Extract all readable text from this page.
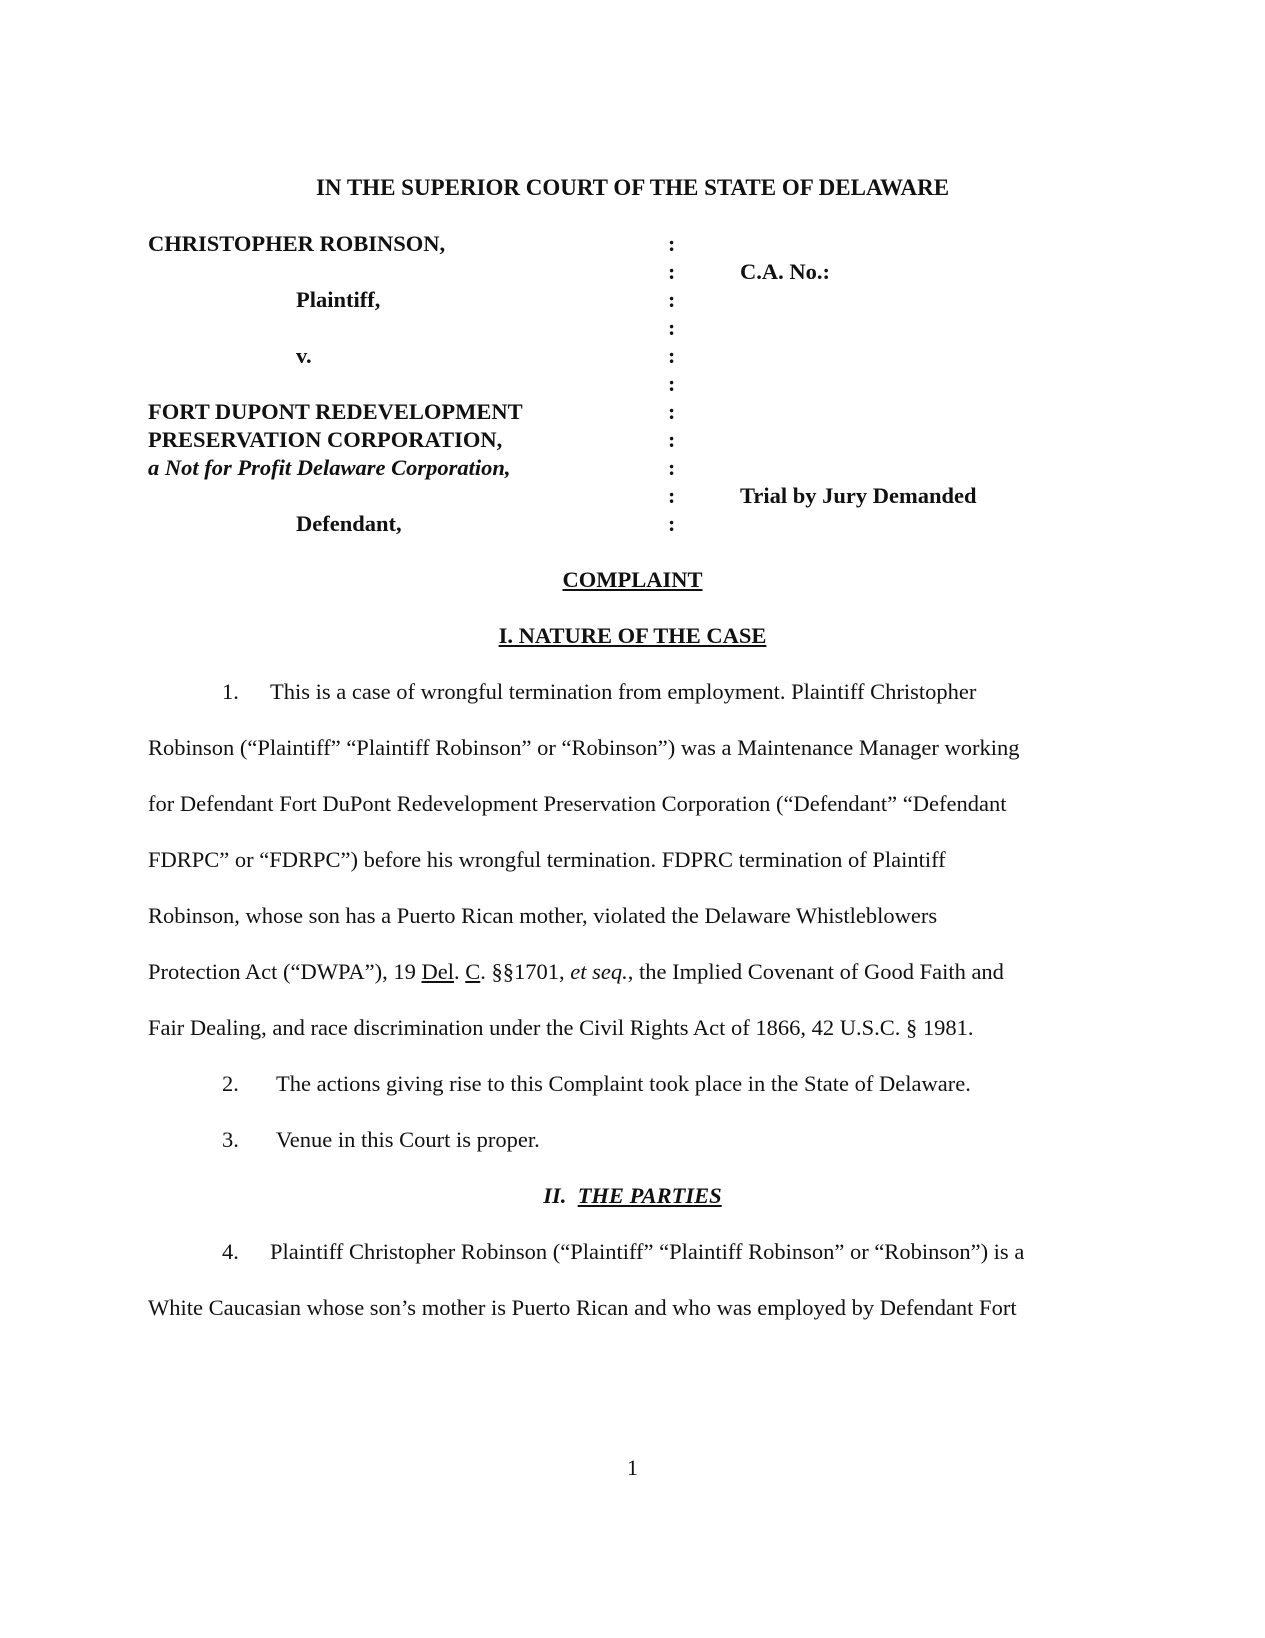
IN THE SUPERIOR COURT OF THE STATE OF DELAWARE
CHRISTOPHER ROBINSON,
Plaintiff,
v.
FORT DUPONT REDEVELOPMENT
PRESERVATION CORPORATION,
a Not for Profit Delaware Corporation,
Defendant,
:
:
:
:
:
:
:
:
:
:
:
C.A. No.:
Trial by Jury Demanded
COMPLAINT
I. NATURE OF THE CASE
1. This is a case of wrongful termination from employment. Plaintiff Christopher
Robinson (“Plaintiff” “Plaintiff Robinson” or “Robinson”) was a Maintenance Manager working
for Defendant Fort DuPont Redevelopment Preservation Corporation (“Defendant” “Defendant
FDRPC” or “FDRPC”) before his wrongful termination. FDPRC termination of Plaintiff
Robinson, whose son has a Puerto Rican mother, violated the Delaware Whistleblowers
Protection Act (“DWPA”), 19 Del. C. §§1701, et seq., the Implied Covenant of Good Faith and
Fair Dealing, and race discrimination under the Civil Rights Act of 1866, 42 U.S.C. § 1981.
2. The actions giving rise to this Complaint took place in the State of Delaware.
3. Venue in this Court is proper.
II. THE PARTIES
4. Plaintiff Christopher Robinson (“Plaintiff” “Plaintiff Robinson” or “Robinson”) is a
White Caucasian whose son’s mother is Puerto Rican and who was employed by Defendant Fort
1
